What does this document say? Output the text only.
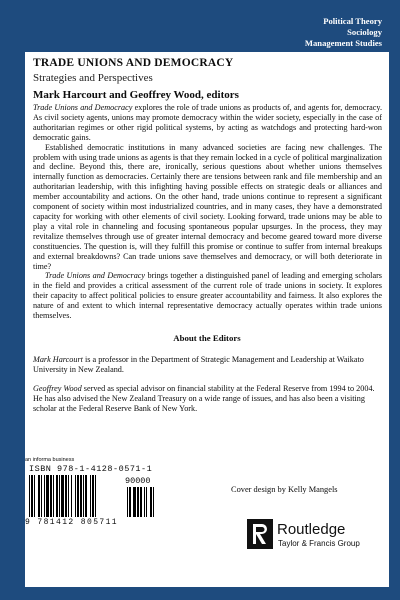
Political Theory
Sociology
Management Studies
TRADE UNIONS AND DEMOCRACY
Strategies and Perspectives
Mark Harcourt and Geoffrey Wood, editors

Trade Unions and Democracy explores the role of trade unions as products of, and agents for, democracy. As civil society agents, unions may promote democracy within the wider society, especially in the case of authoritarian regimes or other rigid political systems, by acting as watchdogs and protecting hard-won democratic gains.

Established democratic institutions in many advanced societies are facing new challenges. The problem with using trade unions as agents is that they remain locked in a cycle of political marginalization and decline. Beyond this, there are, ironically, serious questions about whether unions themselves internally function as democracies. Certainly there are tensions between rank and file membership and an authoritarian leadership, with this infighting having possible effects on strategic deals or alliances and member accountability and actions. On the other hand, trade unions continue to represent a significant component of society within most industrialized countries, and in many cases, they have a demonstrated capacity for working with other elements of civil society. Looking forward, trade unions may be able to play a vital role in channeling and focusing spontaneous popular upsurges. In the process, they may revitalize themselves through use of greater internal democracy and become geared toward more diverse constituencies. The question is, will they fulfill this promise or continue to suffer from internal breakups and external breakdowns? Can trade unions save themselves and democracy, or will both deteriorate in time?

Trade Unions and Democracy brings together a distinguished panel of leading and emerging scholars in the field and provides a critical assessment of the current role of trade unions in society. It explores their capacity to affect political policies to ensure greater accountability and fairness. It also explores the nature of and extent to which internal representative democracy actually operates within trade unions themselves.

About the Editors
Mark Harcourt is a professor in the Department of Strategic Management and Leadership at Waikato University in New Zealand.
Geoffrey Wood served as special advisor on financial stability at the Federal Reserve from 1994 to 2004. He has also advised the New Zealand Treasury on a wide range of issues, and has also been a visiting scholar at the Federal Reserve Bank of New York.
an informa business
ISBN 978-1-4128-0571-1
90000
9 781412 805711
Cover design by Kelly Mangels
Routledge
Taylor & Francis Group
